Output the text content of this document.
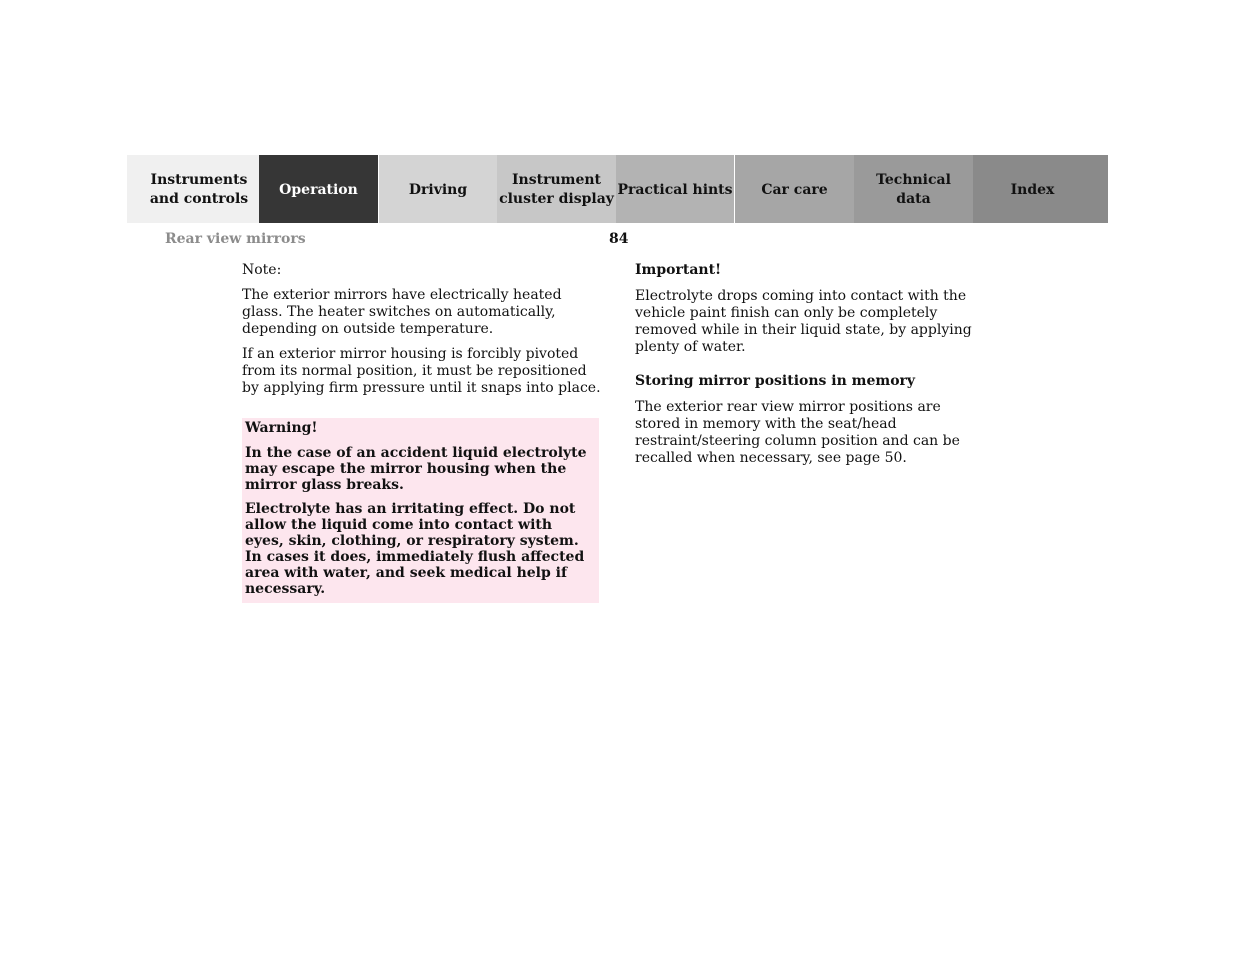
Instruments
and controls
Operation	Driving
Instrument
cluster display
Practical hints	Car care
Technical
data
Index
Rear view mirrors	84

Note:

The exterior mirrors have electrically heated glass. The heater switches on automatically, depending on outside temperature.

If an exterior mirror housing is forcibly pivoted from its normal position, it must be repositioned by applying firm pressure until it snaps into place.

Warning!

In the case of an accident liquid electrolyte may escape the mirror housing when the mirror glass breaks.

Electrolyte has an irritating effect. Do not allow the liquid come into contact with eyes, skin, clothing, or respiratory system. In cases it does, immediately flush affected area with water, and seek medical help if necessary.

Important!

Electrolyte drops coming into contact with the vehicle paint finish can only be completely removed while in their liquid state, by applying plenty of water.

Storing mirror positions in memory

The exterior rear view mirror positions are stored in memory with the seat/head restraint/steering column position and can be recalled when necessary, see page 50.
